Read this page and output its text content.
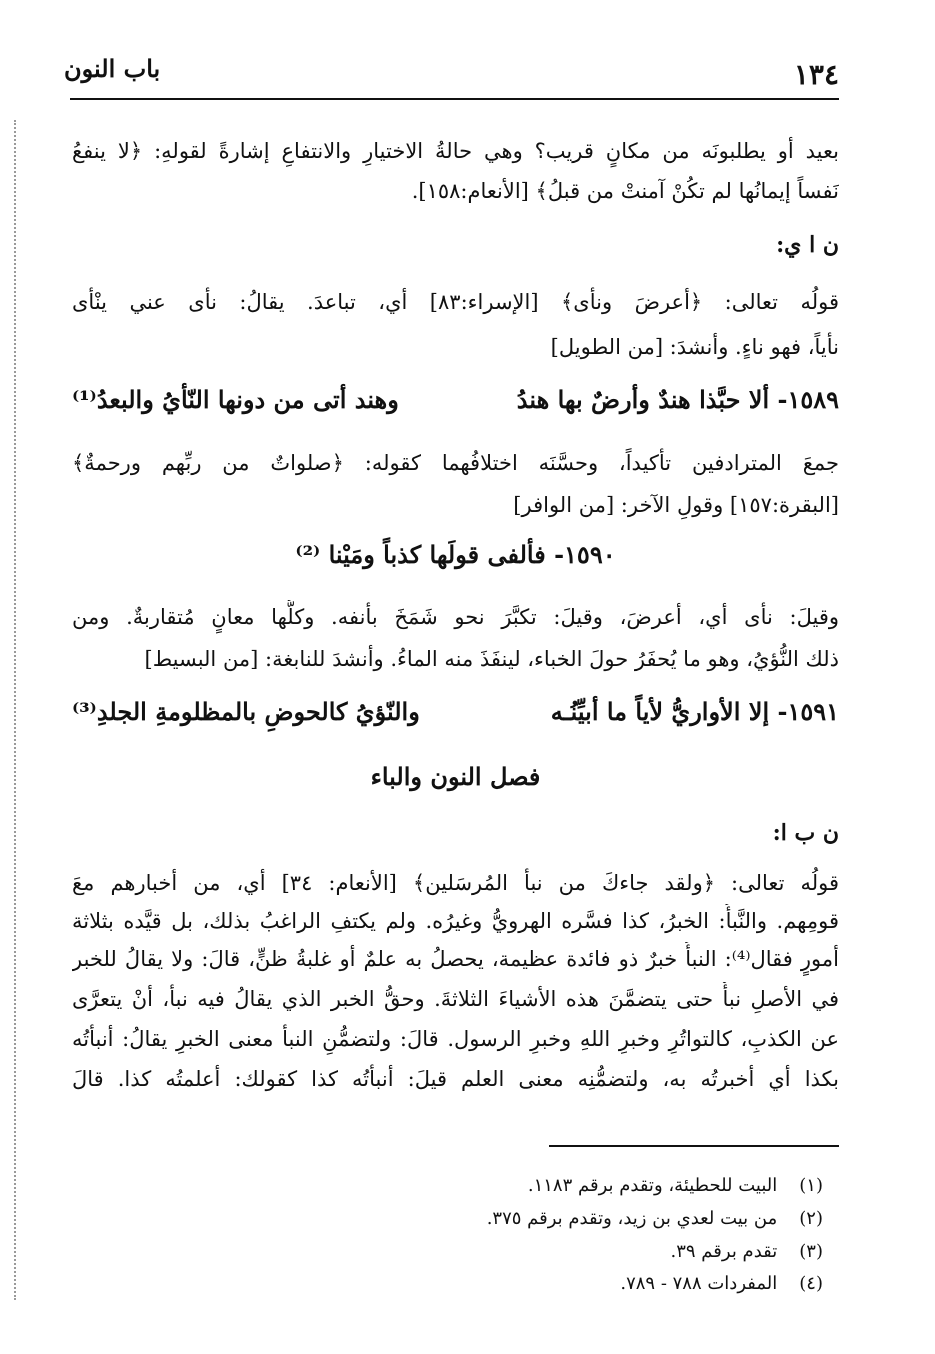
١٣٤
باب النون
بعيد أو يطلبونَه من مكانٍ قريب؟ وهي حالةُ الاختيارِ والانتفاعِ إشارةً لقولهِ: ﴿لا ينفعُ
نَفساً إيمانُها لم تكُنْ آمنتْ من قبلُ﴾ [الأنعام:١٥٨].
ن ا ي:
قولُه تعالى: ﴿أعرضَ ونأى﴾ [الإسراء:٨٣] أي، تباعدَ. يقالُ: نأى عني ينْأى
نأياً، فهو ناءٍ. وأنشدَ: [من الطويل]
١٥٨٩- ألا حبَّذا هندٌ وأرضٌ بها هندُ
وهند أتى من دونها النّأيُ والبعدُ⁽¹⁾
جمعَ المترادفين تأكيداً، وحسَّنَه اختلافُهما كقوله: ﴿صلواتٌ من ربِّهم ورحمةٌ﴾
[البقرة:١٥٧] وقولِ الآخر: [من الوافر]
١٥٩٠- فألفى قولَها كذباً ومَيْنا ⁽²⁾
وقيلَ: نأى أي، أعرضَ، وقيلَ: تكبَّرَ نحو شَمَخَ بأنفه. وكلُّها معانٍ مُتقاربةٌ. ومن
ذلك النُّؤيُ، وهو ما يُحفَرُ حولَ الخباء، لينفَذَ منه الماءُ. وأنشدَ للنابغة: [من البسيط]
١٥٩١- إلا الأواريُّ لأياً ما أبيِّنُـه
والنّؤيُ كالحوضِ بالمظلومةِ الجلدِ⁽³⁾
فصل النون والباء
ن ب ا:
قولُه تعالى: ﴿ولقد جاءكَ من نبأ المُرسَلين﴾ [الأنعام: ٣٤] أي، من أخبارهم معَ
قومِهم. والنَّبأُ: الخبرُ، كذا فسَّره الهرويُّ وغيرُه. ولم يكتفِ الراغبُ بذلك، بل قيَّده بثلاثة
أمورٍ فقال⁽⁴⁾: النبأُ خبرٌ ذو فائدة عظيمة، يحصلُ به علمٌ أو غلبةُ ظنٍّ، قالَ: ولا يقالُ للخبر
في الأصلِ نبأٌ حتى يتضمَّنَ هذه الأشياءَ الثلاثةَ. وحقُّ الخبر الذي يقالُ فيه نبأ، أنْ يتعرَّى
عن الكذبِ، كالتواتُرِ وخبرِ اللهِ وخبرِ الرسول. قالَ: ولتضمُّنِ النبأ معنى الخبرِ يقالُ: أنبأتُه
بكذا أي أخبرتُه به، ولتضمُّنِه معنى العلم قيلَ: أنبأتُه كذا كقولك: أعلمتُه كذا. قالَ
(١) البيت للحطيئة، وتقدم برقم ١١٨٣.
(٢) من بيت لعدي بن زيد، وتقدم برقم ٣٧٥.
(٣) تقدم برقم ٣٩.
(٤) المفردات ٧٨٨ - ٧٨٩.
